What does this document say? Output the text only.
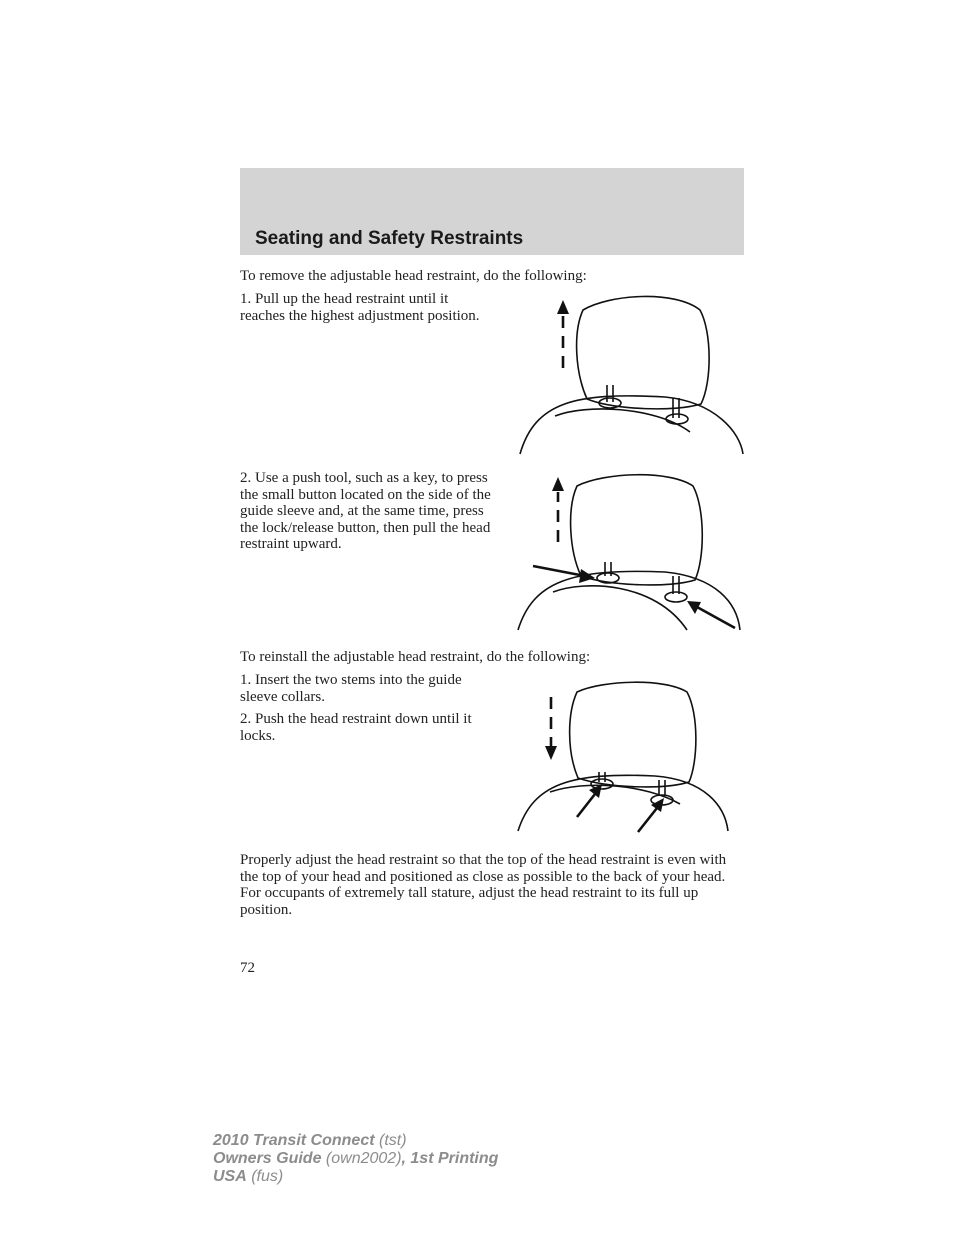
Seating and Safety Restraints
To remove the adjustable head restraint, do the following:
1. Pull up the head restraint until it reaches the highest adjustment position.
2. Use a push tool, such as a key, to press the small button located on the side of the guide sleeve and, at the same time, press the lock/release button, then pull the head restraint upward.
To reinstall the adjustable head restraint, do the following:
1. Insert the two stems into the guide sleeve collars.
2. Push the head restraint down until it locks.
Properly adjust the head restraint so that the top of the head restraint is even with the top of your head and positioned as close as possible to the back of your head. For occupants of extremely tall stature, adjust the head restraint to its full up position.
72
2010 Transit Connect (tst)
Owners Guide (own2002), 1st Printing
USA (fus)
